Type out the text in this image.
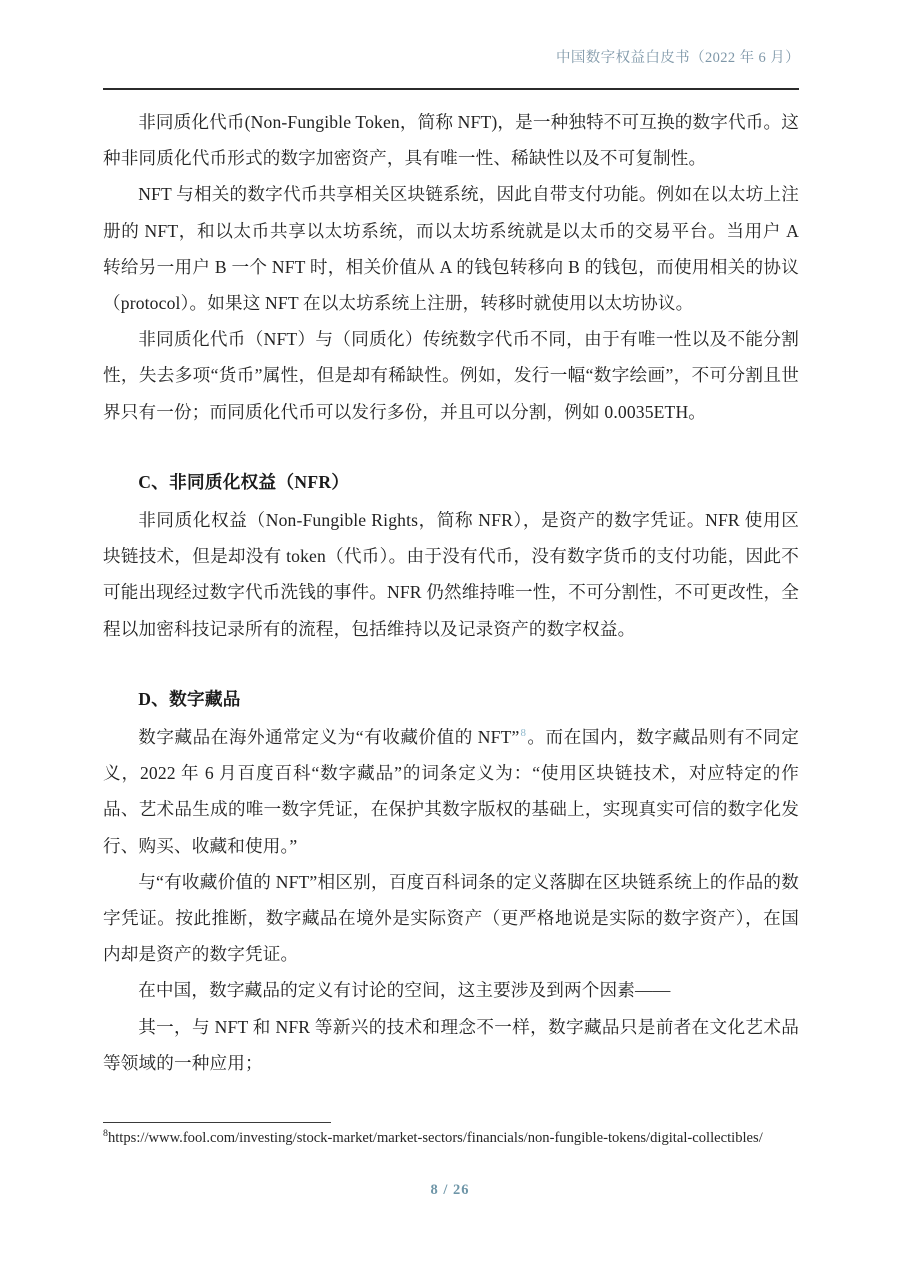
中国数字权益白皮书（2022 年 6 月）

非同质化代币(Non-Fungible Token，简称 NFT)，是一种独特不可互换的数字代币。这种非同质化代币形式的数字加密资产，具有唯一性、稀缺性以及不可复制性。

NFT 与相关的数字代币共享相关区块链系统，因此自带支付功能。例如在以太坊上注册的 NFT，和以太币共享以太坊系统，而以太坊系统就是以太币的交易平台。当用户 A 转给另一用户 B 一个 NFT 时，相关价值从 A 的钱包转移向 B 的钱包，而使用相关的协议（protocol）。如果这 NFT 在以太坊系统上注册，转移时就使用以太坊协议。

非同质化代币（NFT）与（同质化）传统数字代币不同，由于有唯一性以及不能分割性，失去多项“货币”属性，但是却有稀缺性。例如，发行一幅“数字绘画”，不可分割且世界只有一份；而同质化代币可以发行多份，并且可以分割，例如 0.0035ETH。

C、非同质化权益（NFR）

非同质化权益（Non-Fungible Rights，简称 NFR），是资产的数字凭证。NFR 使用区块链技术，但是却没有 token（代币）。由于没有代币，没有数字货币的支付功能，因此不可能出现经过数字代币洗钱的事件。NFR 仍然维持唯一性，不可分割性，不可更改性，全程以加密科技记录所有的流程，包括维持以及记录资产的数字权益。

D、数字藏品

数字藏品在海外通常定义为“有收藏价值的 NFT”$^8$。而在国内，数字藏品则有不同定义，2022 年 6 月百度百科“数字藏品”的词条定义为：“使用区块链技术，对应特定的作品、艺术品生成的唯一数字凭证，在保护其数字版权的基础上，实现真实可信的数字化发行、购买、收藏和使用。”

与“有收藏价值的 NFT”相区别，百度百科词条的定义落脚在区块链系统上的作品的数字凭证。按此推断，数字藏品在境外是实际资产（更严格地说是实际的数字资产），在国内却是资产的数字凭证。

在中国，数字藏品的定义有讨论的空间，这主要涉及到两个因素——

其一，与 NFT 和 NFR 等新兴的技术和理念不一样，数字藏品只是前者在文化艺术品等领域的一种应用；

$^8$https://www.fool.com/investing/stock-market/market-sectors/financials/non-fungible-tokens/digital-collectibles/

8 / 26
